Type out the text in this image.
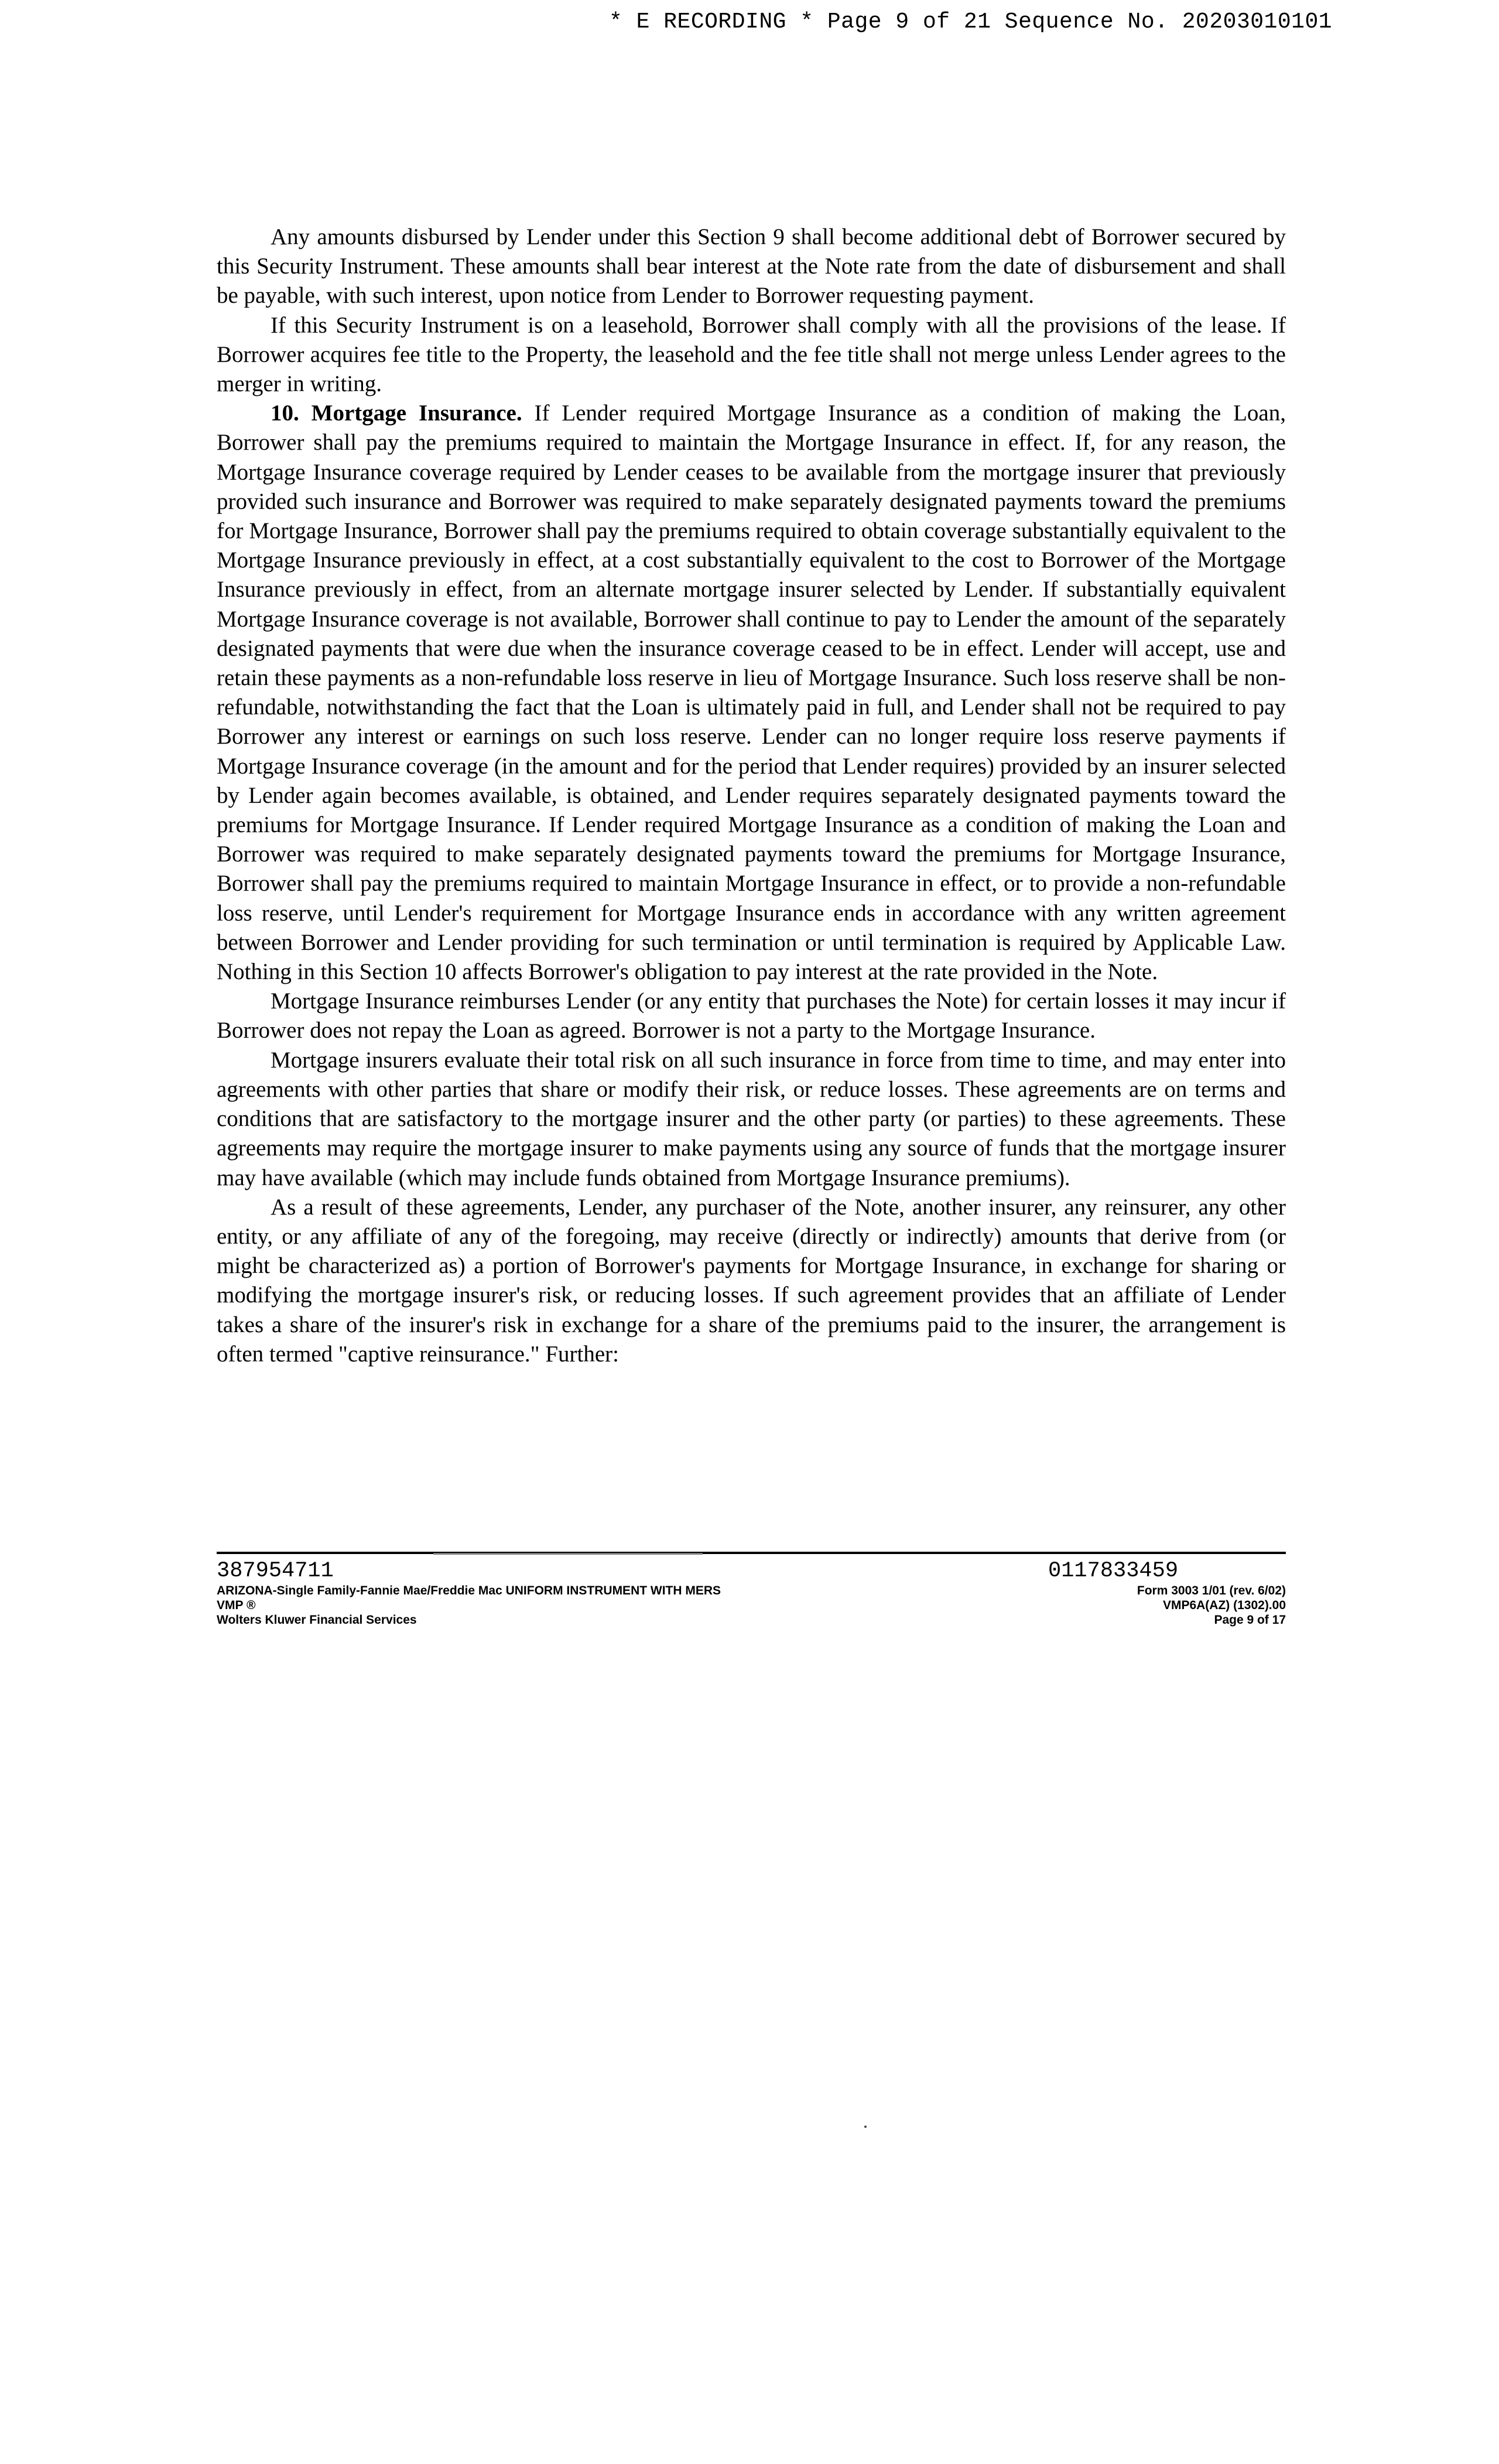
* E RECORDING * Page 9 of 21 Sequence No. 20203010101

Any amounts disbursed by Lender under this Section 9 shall become additional debt of Borrower secured by this Security Instrument. These amounts shall bear interest at the Note rate from the date of disbursement and shall be payable, with such interest, upon notice from Lender to Borrower requesting payment.

If this Security Instrument is on a leasehold, Borrower shall comply with all the provisions of the lease. If Borrower acquires fee title to the Property, the leasehold and the fee title shall not merge unless Lender agrees to the merger in writing.

10. Mortgage Insurance. If Lender required Mortgage Insurance as a condition of making the Loan, Borrower shall pay the premiums required to maintain the Mortgage Insurance in effect. If, for any reason, the Mortgage Insurance coverage required by Lender ceases to be available from the mortgage insurer that previously provided such insurance and Borrower was required to make separately designated payments toward the premiums for Mortgage Insurance, Borrower shall pay the premiums required to obtain coverage substantially equivalent to the Mortgage Insurance previously in effect, at a cost substantially equivalent to the cost to Borrower of the Mortgage Insurance previously in effect, from an alternate mortgage insurer selected by Lender. If substantially equivalent Mortgage Insurance coverage is not available, Borrower shall continue to pay to Lender the amount of the separately designated payments that were due when the insurance coverage ceased to be in effect. Lender will accept, use and retain these payments as a non-refundable loss reserve in lieu of Mortgage Insurance. Such loss reserve shall be non-refundable, notwithstanding the fact that the Loan is ultimately paid in full, and Lender shall not be required to pay Borrower any interest or earnings on such loss reserve. Lender can no longer require loss reserve payments if Mortgage Insurance coverage (in the amount and for the period that Lender requires) provided by an insurer selected by Lender again becomes available, is obtained, and Lender requires separately designated payments toward the premiums for Mortgage Insurance. If Lender required Mortgage Insurance as a condition of making the Loan and Borrower was required to make separately designated payments toward the premiums for Mortgage Insurance, Borrower shall pay the premiums required to maintain Mortgage Insurance in effect, or to provide a non-refundable loss reserve, until Lender's requirement for Mortgage Insurance ends in accordance with any written agreement between Borrower and Lender providing for such termination or until termination is required by Applicable Law. Nothing in this Section 10 affects Borrower's obligation to pay interest at the rate provided in the Note.

Mortgage Insurance reimburses Lender (or any entity that purchases the Note) for certain losses it may incur if Borrower does not repay the Loan as agreed. Borrower is not a party to the Mortgage Insurance.

Mortgage insurers evaluate their total risk on all such insurance in force from time to time, and may enter into agreements with other parties that share or modify their risk, or reduce losses. These agreements are on terms and conditions that are satisfactory to the mortgage insurer and the other party (or parties) to these agreements. These agreements may require the mortgage insurer to make payments using any source of funds that the mortgage insurer may have available (which may include funds obtained from Mortgage Insurance premiums).

As a result of these agreements, Lender, any purchaser of the Note, another insurer, any reinsurer, any other entity, or any affiliate of any of the foregoing, may receive (directly or indirectly) amounts that derive from (or might be characterized as) a portion of Borrower's payments for Mortgage Insurance, in exchange for sharing or modifying the mortgage insurer's risk, or reducing losses. If such agreement provides that an affiliate of Lender takes a share of the insurer's risk in exchange for a share of the premiums paid to the insurer, the arrangement is often termed "captive reinsurance." Further:

387954711
ARIZONA-Single Family-Fannie Mae/Freddie Mac UNIFORM INSTRUMENT WITH MERS
VMP ®
Wolters Kluwer Financial Services
0117833459
Form 3003 1/01 (rev. 6/02)
VMP6A(AZ) (1302).00
Page 9 of 17
